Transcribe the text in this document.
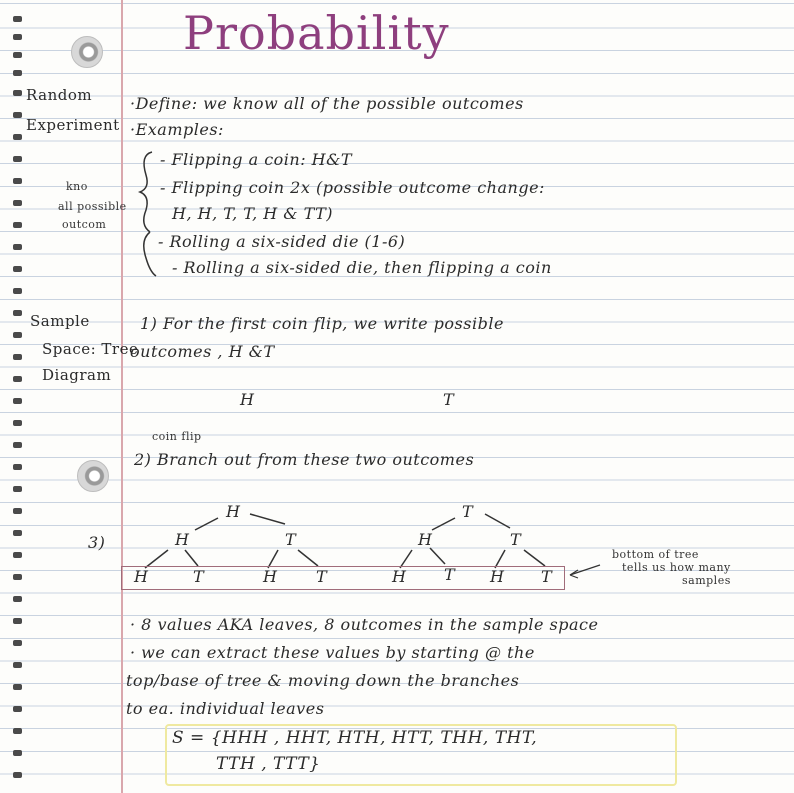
Probability
Random
Experiment
·Define: we know all of the possible outcomes
·Examples:
kno
all possible
outcom
- Flipping a coin: H&T
- Flipping coin 2x (possible outcome change:
H, H, T, T, H & TT)
- Rolling a six-sided die (1-6)
- Rolling a six-sided die, then flipping a coin
Sample
Space: Tree
Diagram
1) For the first coin flip, we write possible
outcomes , H &T
H	T
coin flip
2) Branch out from these two outcomes
3)
H	T
H	T	H	T
H	T	H T	H T H T
bottom of tree
tells us how many
samples
· 8 values AKA leaves, 8 outcomes in the sample space
· we can extract these values by starting @ the
top/base of tree & moving down the branches
to ea. individual leaves
S = {HHH , HHT, HTH, HTT, THH, THT,
TTH , TTT}
